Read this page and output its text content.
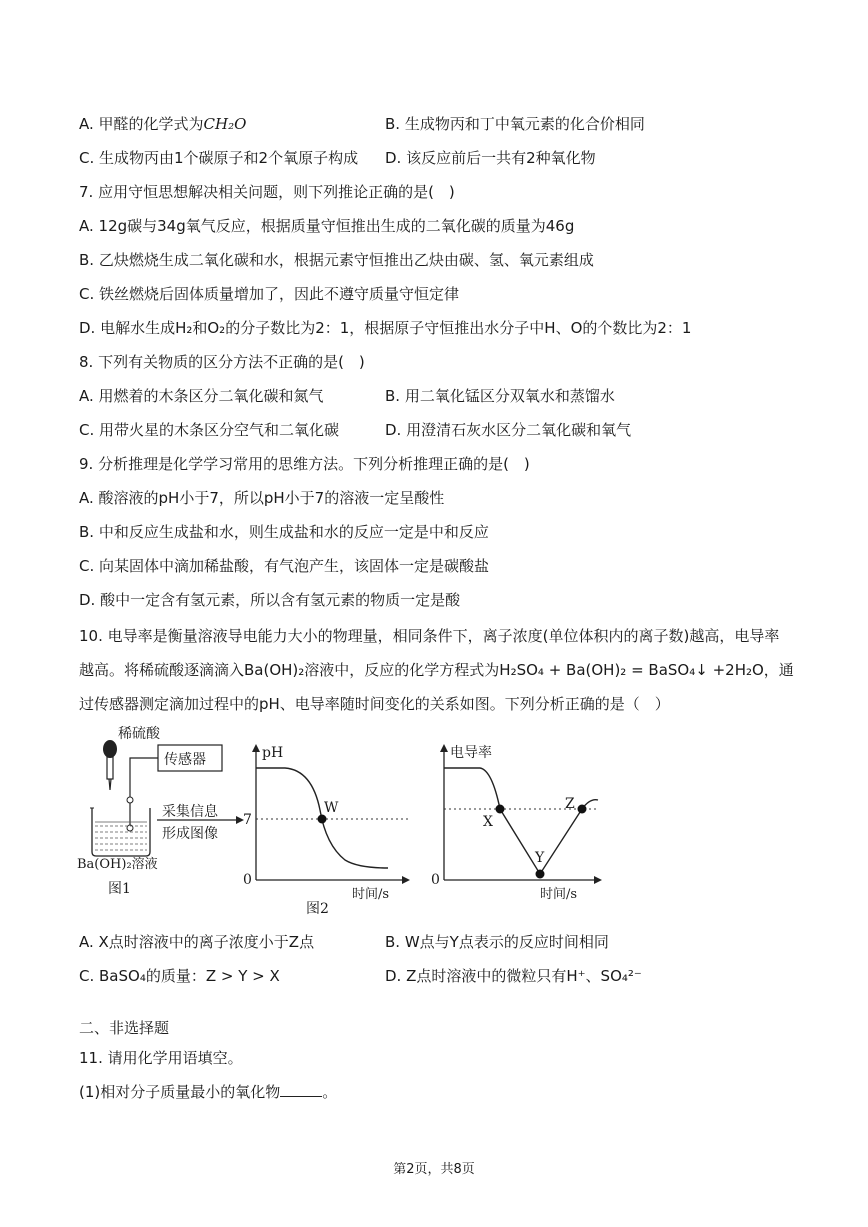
A. 甲醛的化学式为CH₂O	B. 生成物丙和丁中氧元素的化合价相同
C. 生成物丙由1个碳原子和2个氧原子构成 D. 该反应前后一共有2种氧化物
7. 应用守恒思想解决相关问题，则下列推论正确的是(　)
A. 12g碳与34g氧气反应，根据质量守恒推出生成的二氧化碳的质量为46g
B. 乙炔燃烧生成二氧化碳和水，根据元素守恒推出乙炔由碳、氢、氧元素组成
C. 铁丝燃烧后固体质量增加了，因此不遵守质量守恒定律
D. 电解水生成H₂和O₂的分子数比为2：1，根据原子守恒推出水分子中H、O的个数比为2：1
8. 下列有关物质的区分方法不正确的是(　)
A. 用燃着的木条区分二氧化碳和氮气	B. 用二氧化锰区分双氧水和蒸馏水
C. 用带火星的木条区分空气和二氧化碳	D. 用澄清石灰水区分二氧化碳和氧气
9. 分析推理是化学学习常用的思维方法。下列分析推理正确的是(　)
A. 酸溶液的pH小于7，所以pH小于7的溶液一定呈酸性
B. 中和反应生成盐和水，则生成盐和水的反应一定是中和反应
C. 向某固体中滴加稀盐酸，有气泡产生，该固体一定是碳酸盐
D. 酸中一定含有氢元素，所以含有氢元素的物质一定是酸
10. 电导率是衡量溶液导电能力大小的物理量，相同条件下，离子浓度(单位体积内的离子数)越高，电导率
越高。将稀硫酸逐滴滴入Ba(OH)₂溶液中，反应的化学方程式为H₂SO₄ + Ba(OH)₂ = BaSO₄↓ +2H₂O，通
过传感器测定滴加过程中的pH、电导率随时间变化的关系如图。下列分析正确的是（　）
稀硫酸
传感器
Ba(OH)₂溶液
图1
采集信息
形成图像
pH
7
0
时间/s
W
图2
电导率
0
时间/s
X
Y
Z
A. X点时溶液中的离子浓度小于Z点	B. W点与Y点表示的反应时间相同
C. BaSO₄的质量：Z > Y > X	D. Z点时溶液中的微粒只有H⁺、SO₄²⁻
二、非选择题
11. 请用化学用语填空。
(1)相对分子质量最小的氧化物	。
第2页，共8页
